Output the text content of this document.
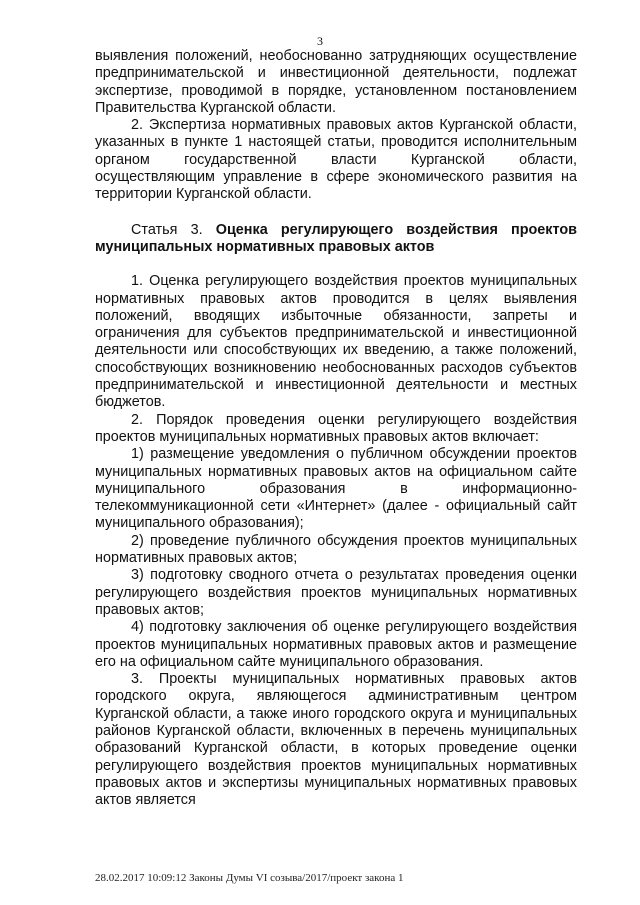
3

выявления положений, необоснованно затрудняющих осуществление предпринимательской и инвестиционной деятельности, подлежат экспертизе, проводимой в порядке, установленном постановлением Правительства Курганской области.

2. Экспертиза нормативных правовых актов Курганской области, указанных в пункте 1 настоящей статьи, проводится исполнительным органом государственной власти Курганской области, осуществляющим управление в сфере экономического развития на территории Курганской области.

Статья 3. Оценка регулирующего воздействия проектов муниципальных нормативных правовых актов

1. Оценка регулирующего воздействия проектов муниципальных нормативных правовых актов проводится в целях выявления положений, вводящих избыточные обязанности, запреты и ограничения для субъектов предпринимательской и инвестиционной деятельности или способствующих их введению, а также положений, способствующих возникновению необоснованных расходов субъектов предпринимательской и инвестиционной деятельности и местных бюджетов.

2. Порядок проведения оценки регулирующего воздействия проектов муниципальных нормативных правовых актов включает:

1) размещение уведомления о публичном обсуждении проектов муниципальных нормативных правовых актов на официальном сайте муниципального образования в информационно-телекоммуникационной сети «Интернет» (далее - официальный сайт муниципального образования);

2) проведение публичного обсуждения проектов муниципальных нормативных правовых актов;

3) подготовку сводного отчета о результатах проведения оценки регулирующего воздействия проектов муниципальных нормативных правовых актов;

4) подготовку заключения об оценке регулирующего воздействия проектов муниципальных нормативных правовых актов и размещение его на официальном сайте муниципального образования.

3. Проекты муниципальных нормативных правовых актов городского округа, являющегося административным центром Курганской области, а также иного городского округа и муниципальных районов Курганской области, включенных в перечень муниципальных образований Курганской области, в которых проведение оценки регулирующего воздействия проектов муниципальных нормативных правовых актов и экспертизы муниципальных нормативных правовых актов является

28.02.2017 10:09:12 Законы Думы VI созыва/2017/проект закона 1
